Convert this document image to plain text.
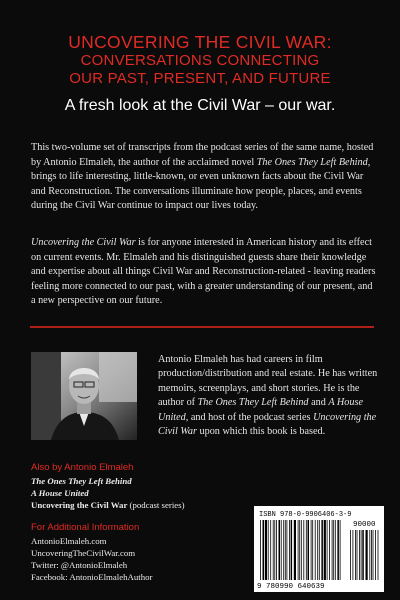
UNCOVERING THE CIVIL WAR:
CONVERSATIONS CONNECTING
OUR PAST, PRESENT, AND FUTURE
A fresh look at the Civil War – our war.
This two-volume set of transcripts from the podcast series of the same name, hosted by Antonio Elmaleh, the author of the acclaimed novel The Ones They Left Behind, brings to life interesting, little-known, or even unknown facts about the Civil War and Reconstruction. The conversations illuminate how people, places, and events during the Civil War continue to impact our lives today.
Uncovering the Civil War is for anyone interested in American history and its effect on current events. Mr. Elmaleh and his distinguished guests share their knowledge and expertise about all things Civil War and Reconstruction-related - leaving readers feeling more connected to our past, with a greater understanding of our present, and a new perspective on our future.
Antonio Elmaleh has had careers in film production/distribution and real estate. He has written memoirs, screenplays, and short stories. He is the author of The Ones They Left Behind and A House United, and host of the podcast series Uncovering the Civil War upon which this book is based.
Also by Antonio Elmaleh
The Ones They Left Behind
A House United
Uncovering the Civil War (podcast series)
For Additional Information
AntonioElmaleh.com
UncoveringTheCivilWar.com
Twitter: @AntonioElmaleh
Facebook: AntonioElmalehAuthor
ISBN 978-0-9906406-3-9
90000
9 780990 640639
